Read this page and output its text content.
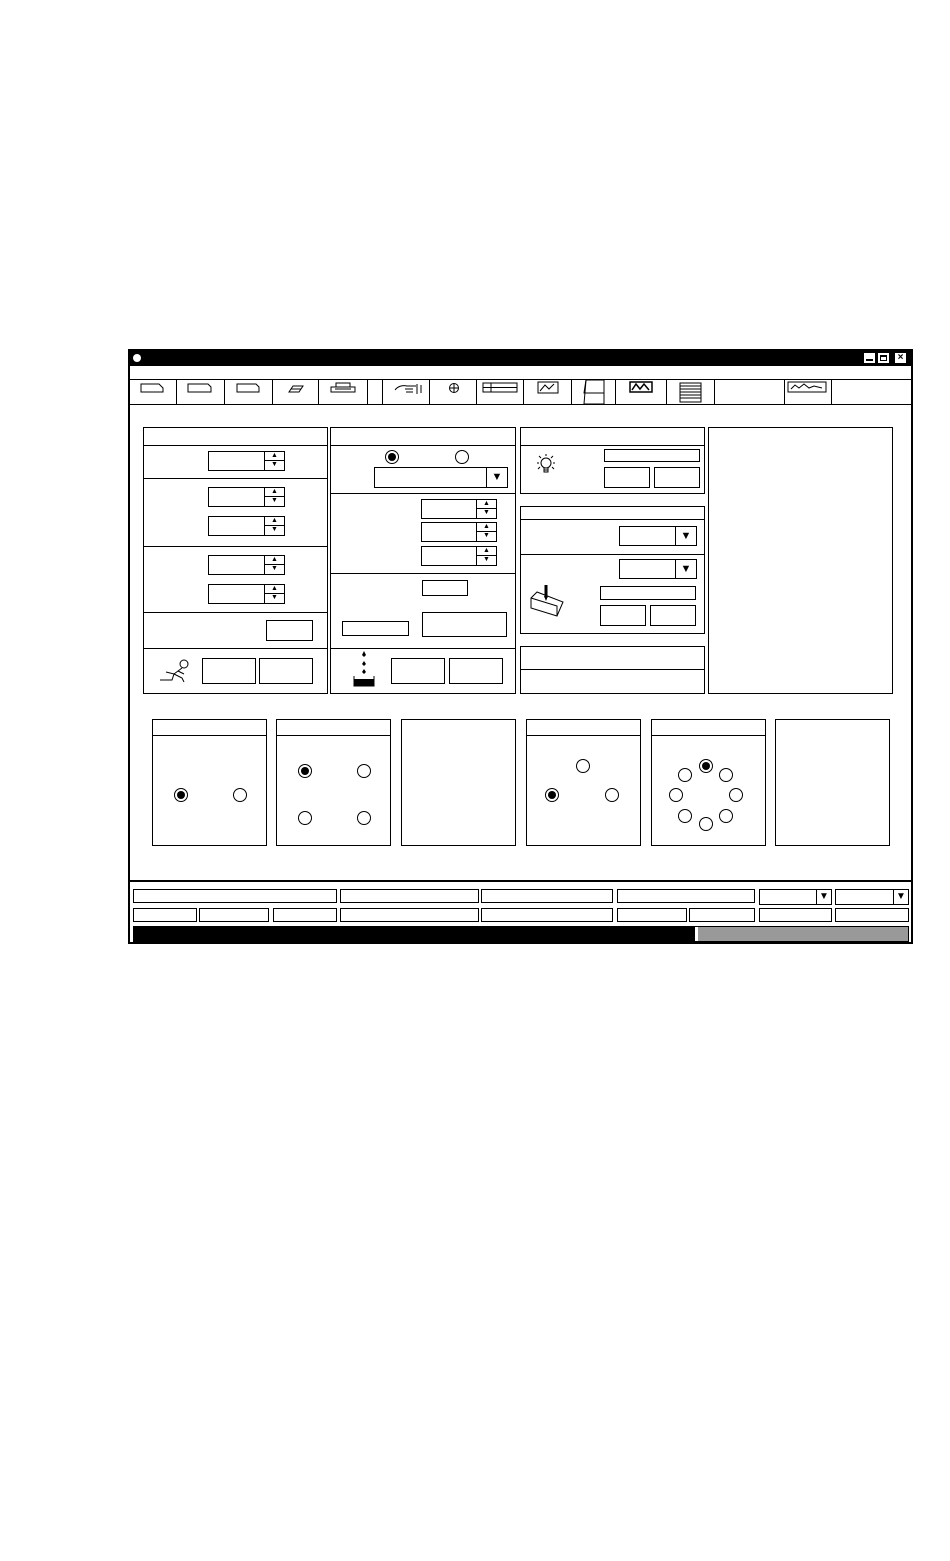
×
▲
▼
▲
▼
▲
▼
▲
▼
▲
▼
▼
▲
▼
▲
▼
▲
▼
▼
▼
▼	▼
